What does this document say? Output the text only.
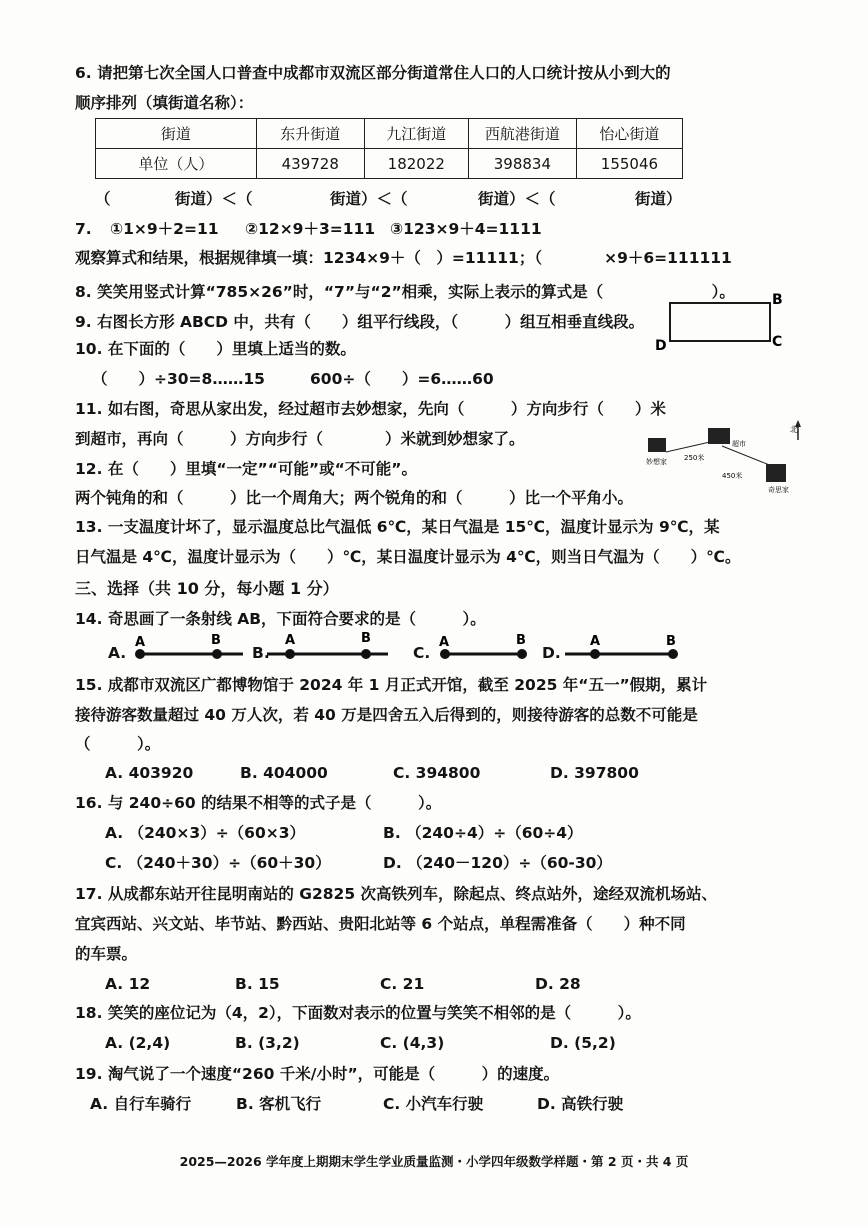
6. 请把第七次全国人口普查中成都市双流区部分街道常住人口的人口统计按从小到大的
顺序排列（填街道名称）：
街道	东升街道	九江街道	西航港街道	怡心街道
单位（人）	439728	182022	398834	155046
（	街道）＜（	街道）＜（	街道）＜（	街道）
7. ①1×9＋2=11 ②12×9＋3=111 ③123×9＋4=1111
观察算式和结果，根据规律填一填：1234×9＋（　）=11111；（　　　　×9＋6=111111
8. 笑笑用竖式计算“785×26”时，“7”与“2”相乘，实际上表示的算式是（　　　　　　　）。	B
C
D
9. 右图长方形 ABCD 中，共有（　　）组平行线段，（　　　）组互相垂直线段。
10. 在下面的（　　）里填上适当的数。
（　　）÷30=8……15	600÷（　　）=6……60
11. 如右图，奇思从家出发，经过超市去妙想家，先向（　　　）方向步行（　　）米
到超市，再向（　　　）方向步行（　　　　）米就到妙想家了。
北
妙想家
超市
奇思家
250米
450米
12. 在（　　）里填“一定”“可能”或“不可能”。
两个钝角的和（　　　）比一个周角大；两个锐角的和（　　　）比一个平角小。
13. 一支温度计坏了，显示温度总比气温低 6℃，某日气温是 15℃，温度计显示为 9℃，某
日气温是 4℃，温度计显示为（　　）℃，某日温度计显示为 4℃，则当日气温为（　　）℃。
三、选择（共 10 分，每小题 1 分）
14. 奇思画了一条射线 AB，下面符合要求的是（　　　）。
A.	B.	C.	D.
A	B	A	B	A	B	A	B
15. 成都市双流区广都博物馆于 2024 年 1 月正式开馆，截至 2025 年“五一”假期，累计
接待游客数量超过 40 万人次，若 40 万是四舍五入后得到的，则接待游客的总数不可能是
（　　　）。
A. 403920	B. 404000	C. 394800	D. 397800
16. 与 240÷60 的结果不相等的式子是（　　　）。
A. （240×3）÷（60×3）	B. （240÷4）÷（60÷4）
C. （240＋30）÷（60＋30）	D. （240－120）÷（60-30）
17. 从成都东站开往昆明南站的 G2825 次高铁列车，除起点、终点站外，途经双流机场站、
宜宾西站、兴文站、毕节站、黔西站、贵阳北站等 6 个站点，单程需准备（　　）种不同
的车票。
A. 12	B. 15	C. 21	D. 28
18. 笑笑的座位记为（4，2），下面数对表示的位置与笑笑不相邻的是（　　　）。
A. (2,4)	B. (3,2)	C. (4,3)	D. (5,2)
19. 淘气说了一个速度“260 千米/小时”，可能是（　　　）的速度。
A. 自行车骑行	B. 客机飞行	C. 小汽车行驶	D. 高铁行驶
2025—2026 学年度上期期末学生学业质量监测・小学四年级数学样题・第 2 页・共 4 页
